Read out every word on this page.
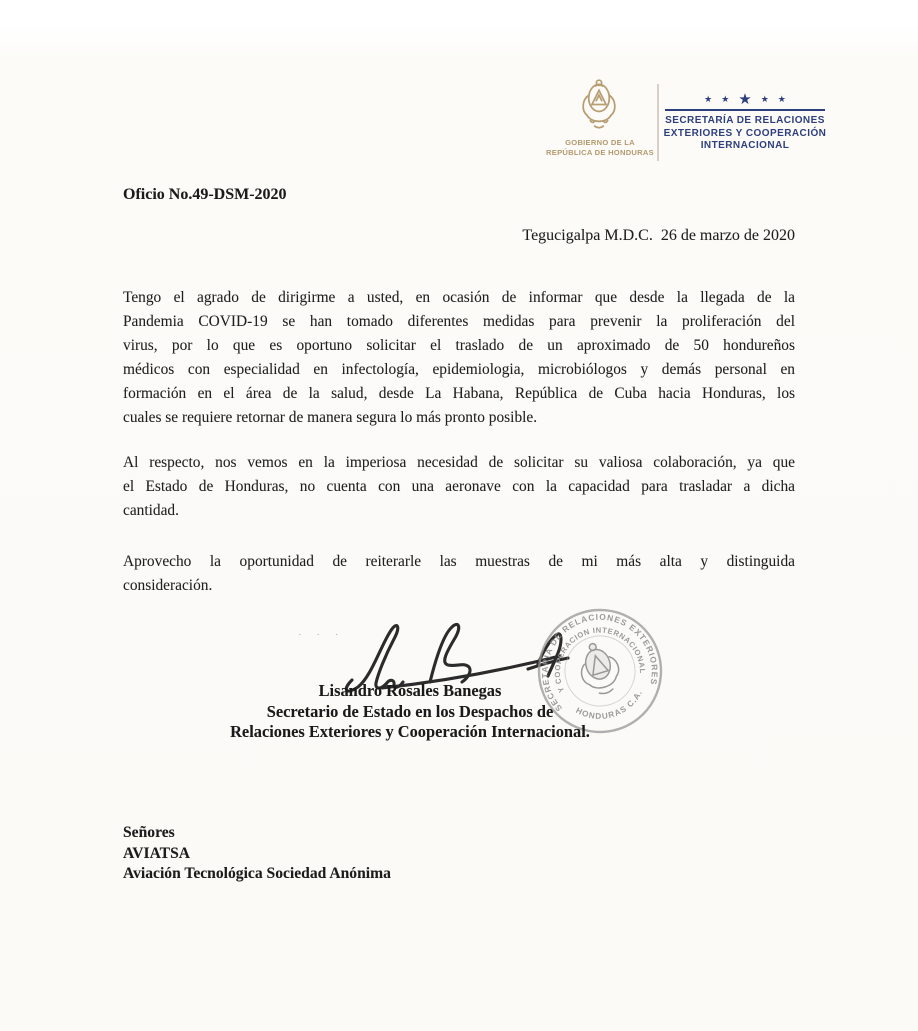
GOBIERNO DE LA
REPÚBLICA DE HONDURAS
★ ★ ★ ★ ★
SECRETARÍA DE RELACIONES
EXTERIORES Y COOPERACIÓN
INTERNACIONAL
Oficio No.49-DSM-2020
Tegucigalpa M.D.C.  26 de marzo de 2020
Tengo el agrado de dirigirme a usted, en ocasión de informar que desde la llegada de la
Pandemia COVID-19 se han tomado diferentes medidas para prevenir la proliferación del
virus, por lo que es oportuno solicitar el traslado de un aproximado de 50 hondureños
médicos con especialidad en infectología, epidemiologia, microbiólogos y demás personal en
formación en el área de la salud, desde La Habana, República de Cuba hacia Honduras, los
cuales se requiere retornar de manera segura lo más pronto posible.
Al respecto, nos vemos en la imperiosa necesidad de solicitar su valiosa colaboración, ya que
el Estado de Honduras, no cuenta con una aeronave con la capacidad para trasladar a dicha
cantidad.
Aprovecho la oportunidad de reiterarle las muestras de mi más alta y distinguida
consideración.
· · ·
SECRETARIA DE RELACIONES EXTERIORES
Y COOPERACION INTERNACIONAL
HONDURAS C.A.
Lisandro Rosales Banegas
Secretario de Estado en los Despachos de
Relaciones Exteriores y Cooperación Internacional.
Señores
AVIATSA
Aviación Tecnológica Sociedad Anónima
